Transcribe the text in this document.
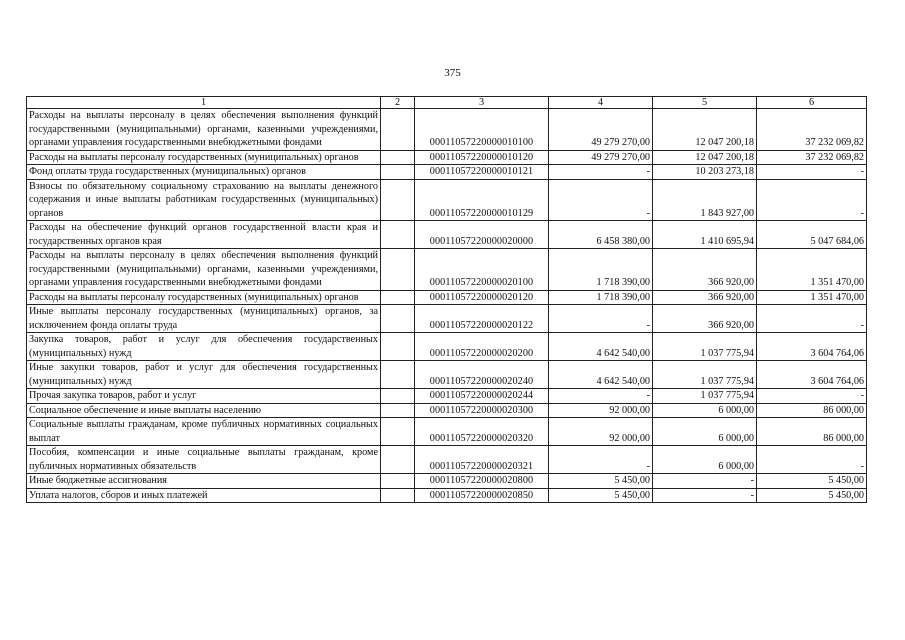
375
1	2	3	4	5	6
Расходы на выплаты персоналу в целях обеспечения выполнения функций государственными (муниципальными) органами, казенными учреждениями, органами управления государственными внебюджетными фондами		00011057220000010100	49 279 270,00	12 047 200,18	37 232 069,82
Расходы на выплаты персоналу государственных (муниципальных) органов		00011057220000010120	49 279 270,00	12 047 200,18	37 232 069,82
Фонд оплаты труда государственных (муниципальных) органов		00011057220000010121	-	10 203 273,18	-
Взносы по обязательному социальному страхованию на выплаты денежного содержания и иные выплаты работникам государственных (муниципальных) органов		00011057220000010129	-	1 843 927,00	-
Расходы на обеспечение функций органов государственной власти края и государственных органов края		00011057220000020000	6 458 380,00	1 410 695,94	5 047 684,06
Расходы на выплаты персоналу в целях обеспечения выполнения функций государственными (муниципальными) органами, казенными учреждениями, органами управления государственными внебюджетными фондами		00011057220000020100	1 718 390,00	366 920,00	1 351 470,00
Расходы на выплаты персоналу государственных (муниципальных) органов		00011057220000020120	1 718 390,00	366 920,00	1 351 470,00
Иные выплаты персоналу государственных (муниципальных) органов, за исключением фонда оплаты труда		00011057220000020122	-	366 920,00	-
Закупка товаров, работ и услуг для обеспечения государственных (муниципальных) нужд		00011057220000020200	4 642 540,00	1 037 775,94	3 604 764,06
Иные закупки товаров, работ и услуг для обеспечения государственных (муниципальных) нужд		00011057220000020240	4 642 540,00	1 037 775,94	3 604 764,06
Прочая закупка товаров, работ и услуг		00011057220000020244	-	1 037 775,94	-
Социальное обеспечение и иные выплаты населению		00011057220000020300	92 000,00	6 000,00	86 000,00
Социальные выплаты гражданам, кроме публичных нормативных социальных выплат		00011057220000020320	92 000,00	6 000,00	86 000,00
Пособия, компенсации и иные социальные выплаты гражданам, кроме публичных нормативных обязательств		00011057220000020321	-	6 000,00	-
Иные бюджетные ассигнования		00011057220000020800	5 450,00	-	5 450,00
Уплата налогов, сборов и иных платежей		00011057220000020850	5 450,00	-	5 450,00
